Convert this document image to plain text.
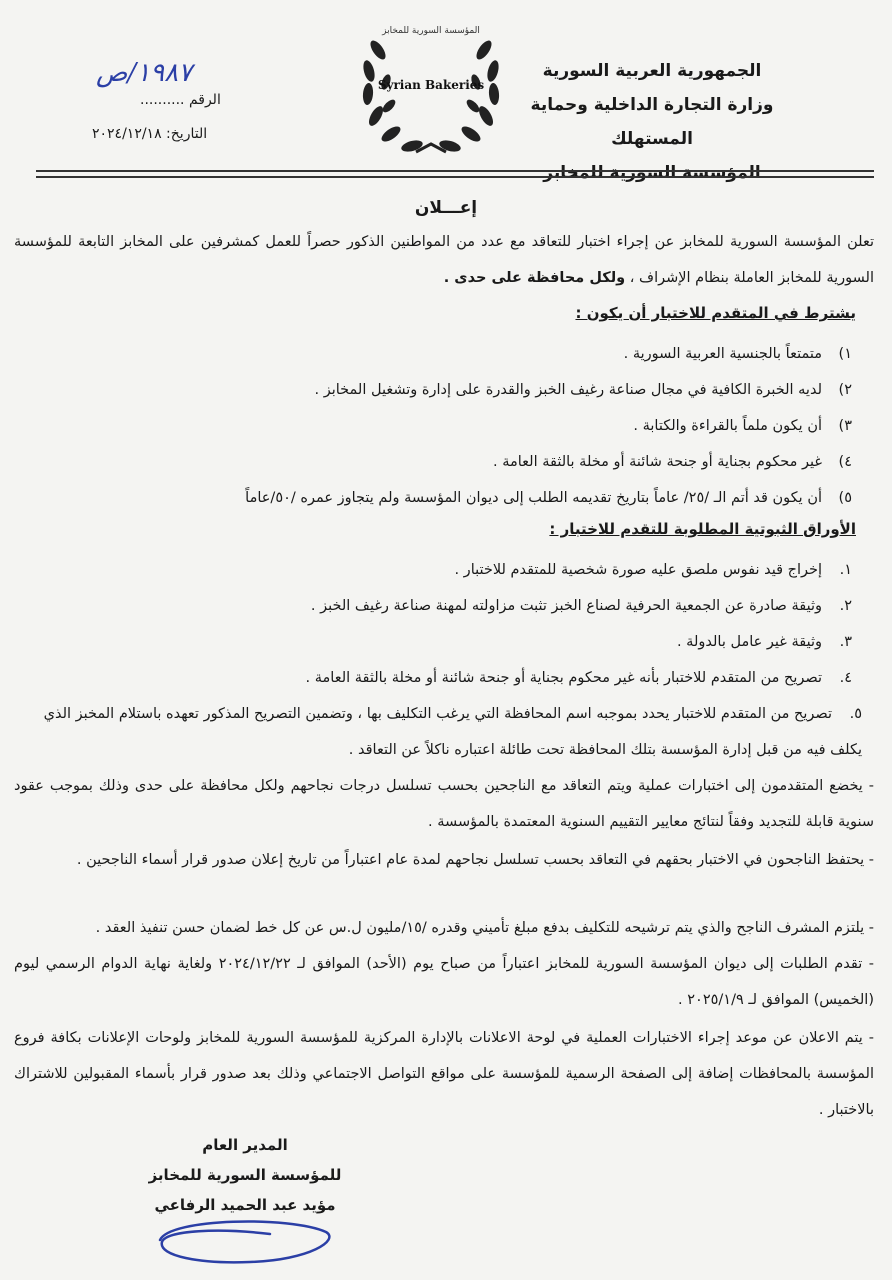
الجمهورية العربية السورية
وزارة التجارة الداخلية وحماية المستهلك
المؤسسة السورية للمخابز
المؤسسة السورية للمخابز
Syrian Bakeries
١٩٨٧/ص
الرقم ..........
التاريخ: ٢٠٢٤/١٢/١٨
إعـــلان
تعلن المؤسسة السورية للمخابز عن إجراء اختبار للتعاقد مع عدد من المواطنين الذكور حصراً للعمل كمشرفين على المخابز التابعة للمؤسسة السورية للمخابز العاملة بنظام الإشراف ، ولكل محافظة على حدى .
يشترط في المتقدم للاختبار أن يكون :
١)متمتعاً بالجنسية العربية السورية .
٢)لديه الخبرة الكافية في مجال صناعة رغيف الخبز والقدرة على إدارة وتشغيل المخابز .
٣)أن يكون ملماً بالقراءة والكتابة .
٤)غير محكوم بجناية أو جنحة شائنة أو مخلة بالثقة العامة .
٥)أن يكون قد أتم الـ /٢٥/ عاماً بتاريخ تقديمه الطلب إلى ديوان المؤسسة ولم يتجاوز عمره /٥٠/عاماً
الأوراق الثبوتية المطلوبة للتقدم للاختبار :
١.إخراج قيد نفوس ملصق عليه صورة شخصية للمتقدم للاختبار .
٢.وثيقة صادرة عن الجمعية الحرفية لصناع الخبز تثبت مزاولته لمهنة صناعة رغيف الخبز .
٣.وثيقة غير عامل بالدولة .
٤.تصريح من المتقدم للاختبار بأنه غير محكوم بجناية أو جنحة شائنة أو مخلة بالثقة العامة .
٥.تصريح من المتقدم للاختبار يحدد بموجبه اسم المحافظة التي يرغب التكليف بها ، وتضمين التصريح المذكور تعهده باستلام المخبز الذي يكلف فيه من قبل إدارة المؤسسة بتلك المحافظة تحت طائلة اعتباره ناكلاً عن التعاقد .
- يخضع المتقدمون إلى اختبارات عملية ويتم التعاقد مع الناجحين بحسب تسلسل درجات نجاحهم ولكل محافظة على حدى وذلك بموجب عقود سنوية قابلة للتجديد وفقاً لنتائج معايير التقييم السنوية المعتمدة بالمؤسسة .
- يحتفظ الناجحون في الاختبار بحقهم في التعاقد بحسب تسلسل نجاحهم لمدة عام اعتباراً من تاريخ إعلان صدور قرار أسماء الناجحين .
- يلتزم المشرف الناجح والذي يتم ترشيحه للتكليف بدفع مبلغ تأميني وقدره /١٥/مليون ل.س عن كل خط لضمان حسن تنفيذ العقد .
- تقدم الطلبات إلى ديوان المؤسسة السورية للمخابز اعتباراً من صباح يوم (الأحد) الموافق لـ ٢٠٢٤/١٢/٢٢ ولغاية نهاية الدوام الرسمي ليوم (الخميس) الموافق لـ ٢٠٢٥/١/٩ .
- يتم الاعلان عن موعد إجراء الاختبارات العملية في لوحة الاعلانات بالإدارة المركزية للمؤسسة السورية للمخابز ولوحات الإعلانات بكافة فروع المؤسسة بالمحافظات إضافة إلى الصفحة الرسمية للمؤسسة على مواقع التواصل الاجتماعي وذلك بعد صدور قرار بأسماء المقبولين للاشتراك بالاختبار .
المدير العام
للمؤسسة السورية للمخابز
مؤيد عبد الحميد الرفاعي
